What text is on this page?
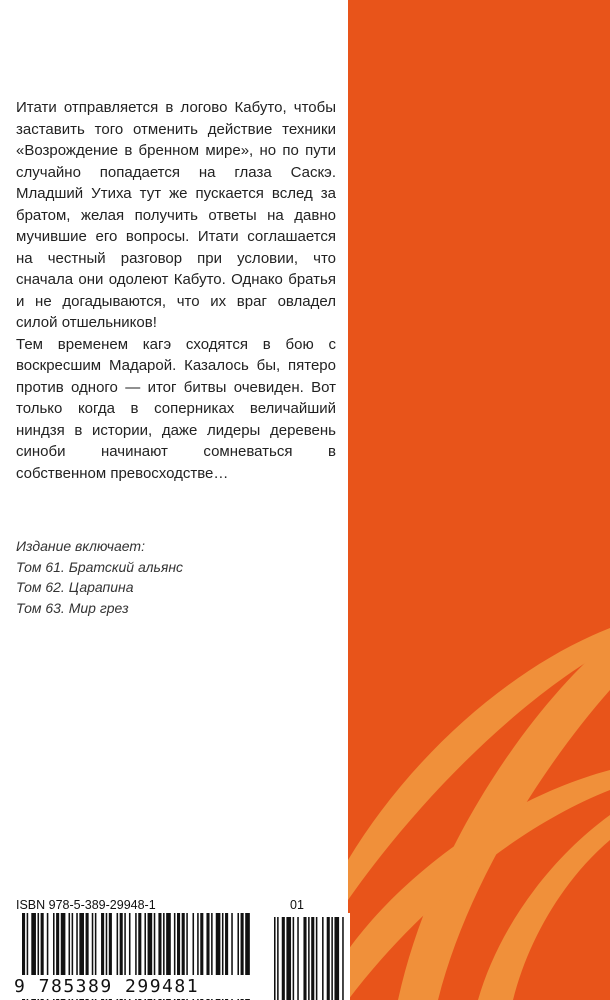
Итати отправляется в логово Кабуто, чтобы заставить того отменить действие техники «Возрождение в бренном мире», но по пути случайно попадается на глаза Саскэ. Младший Утиха тут же пускается вслед за братом, желая получить ответы на давно мучившие его вопросы. Итати соглашается на честный разговор при условии, что сначала они одолеют Кабуто. Однако братья и не догадываются, что их враг овладел силой отшельников!

Тем временем кагэ сходятся в бою с воскресшим Мадарой. Казалось бы, пятеро против одного — итог битвы очевиден. Вот только когда в соперниках величайший ниндзя в истории, даже лидеры деревень синоби начинают сомневаться в собственном превосходстве…

Издание включает:
Том 61. Братский альянс
Том 62. Царапина
Том 63. Мир грез
ISBN 978-5-389-29948-1	01
9 785389 299481
